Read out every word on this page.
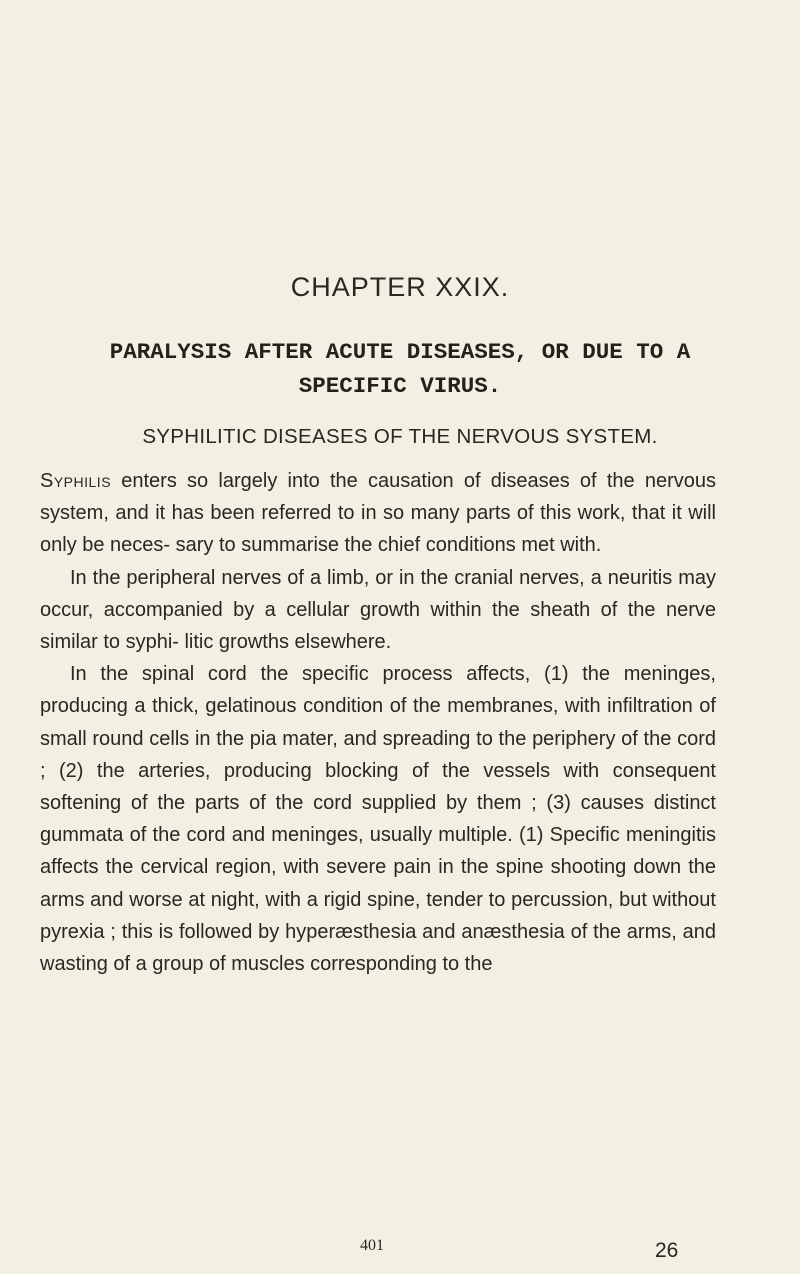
CHAPTER XXIX.
PARALYSIS AFTER ACUTE DISEASES, OR DUE TO A SPECIFIC VIRUS.
SYPHILITIC DISEASES OF THE NERVOUS SYSTEM.

Syphilis enters so largely into the causation of diseases of the nervous system, and it has been referred to in so many parts of this work, that it will only be neces- sary to summarise the chief conditions met with.

In the peripheral nerves of a limb, or in the cranial nerves, a neuritis may occur, accompanied by a cellular growth within the sheath of the nerve similar to syphi- litic growths elsewhere.

In the spinal cord the specific process affects, (1) the meninges, producing a thick, gelatinous condition of the membranes, with infiltration of small round cells in the pia mater, and spreading to the periphery of the cord ; (2) the arteries, producing blocking of the vessels with consequent softening of the parts of the cord supplied by them ; (3) causes distinct gummata of the cord and meninges, usually multiple. (1) Specific meningitis affects the cervical region, with severe pain in the spine shooting down the arms and worse at night, with a rigid spine, tender to percussion, but without pyrexia ; this is followed by hyperæsthesia and anæsthesia of the arms, and wasting of a group of muscles corresponding to the

401	26
